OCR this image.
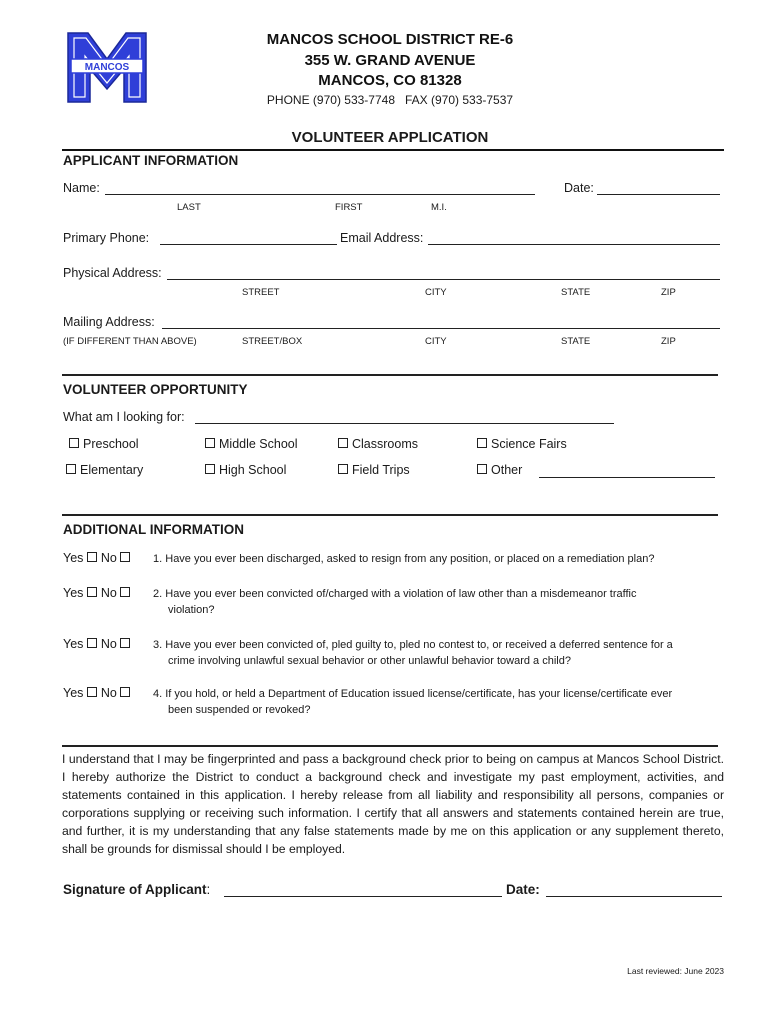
MANCOS
MANCOS SCHOOL DISTRICT RE-6
355 W. GRAND AVENUE
MANCOS, CO 81328
PHONE (970) 533-7748   FAX (970) 533-7537
VOLUNTEER APPLICATION
APPLICANT INFORMATION
Name:	Date:
LAST	FIRST	M.I.
Primary Phone:	Email Address:
Physical Address:
STREET	CITY	STATE	ZIP
Mailing Address:
(IF DIFFERENT THAN ABOVE)	STREET/BOX	CITY	STATE	ZIP
VOLUNTEER OPPORTUNITY
What am I looking for:
Preschool	Middle School	Classrooms	Science Fairs
Elementary	High School	Field Trips	Other
ADDITIONAL INFORMATION
Yes No	1. Have you ever been discharged, asked to resign from any position, or placed on a remediation plan?
Yes No	2. Have you ever been convicted of/charged with a violation of law other than a misdemeanor traffic
violation?
Yes No	3. Have you ever been convicted of, pled guilty to, pled no contest to, or received a deferred sentence for a
crime involving unlawful sexual behavior or other unlawful behavior toward a child?
Yes No	4. If you hold, or held a Department of Education issued license/certificate, has your license/certificate ever
been suspended or revoked?
I understand that I may be fingerprinted and pass a background check prior to being on campus at Mancos School District. I hereby authorize the District to conduct a background check and investigate my past employment, activities, and statements contained in this application. I hereby release from all liability and responsibility all persons, companies or corporations supplying or receiving such information. I certify that all answers and statements contained herein are true, and further, it is my understanding that any false statements made by me on this application or any supplement thereto, shall be grounds for dismissal should I be employed.
Signature of Applicant:	Date:
Last reviewed: June 2023
